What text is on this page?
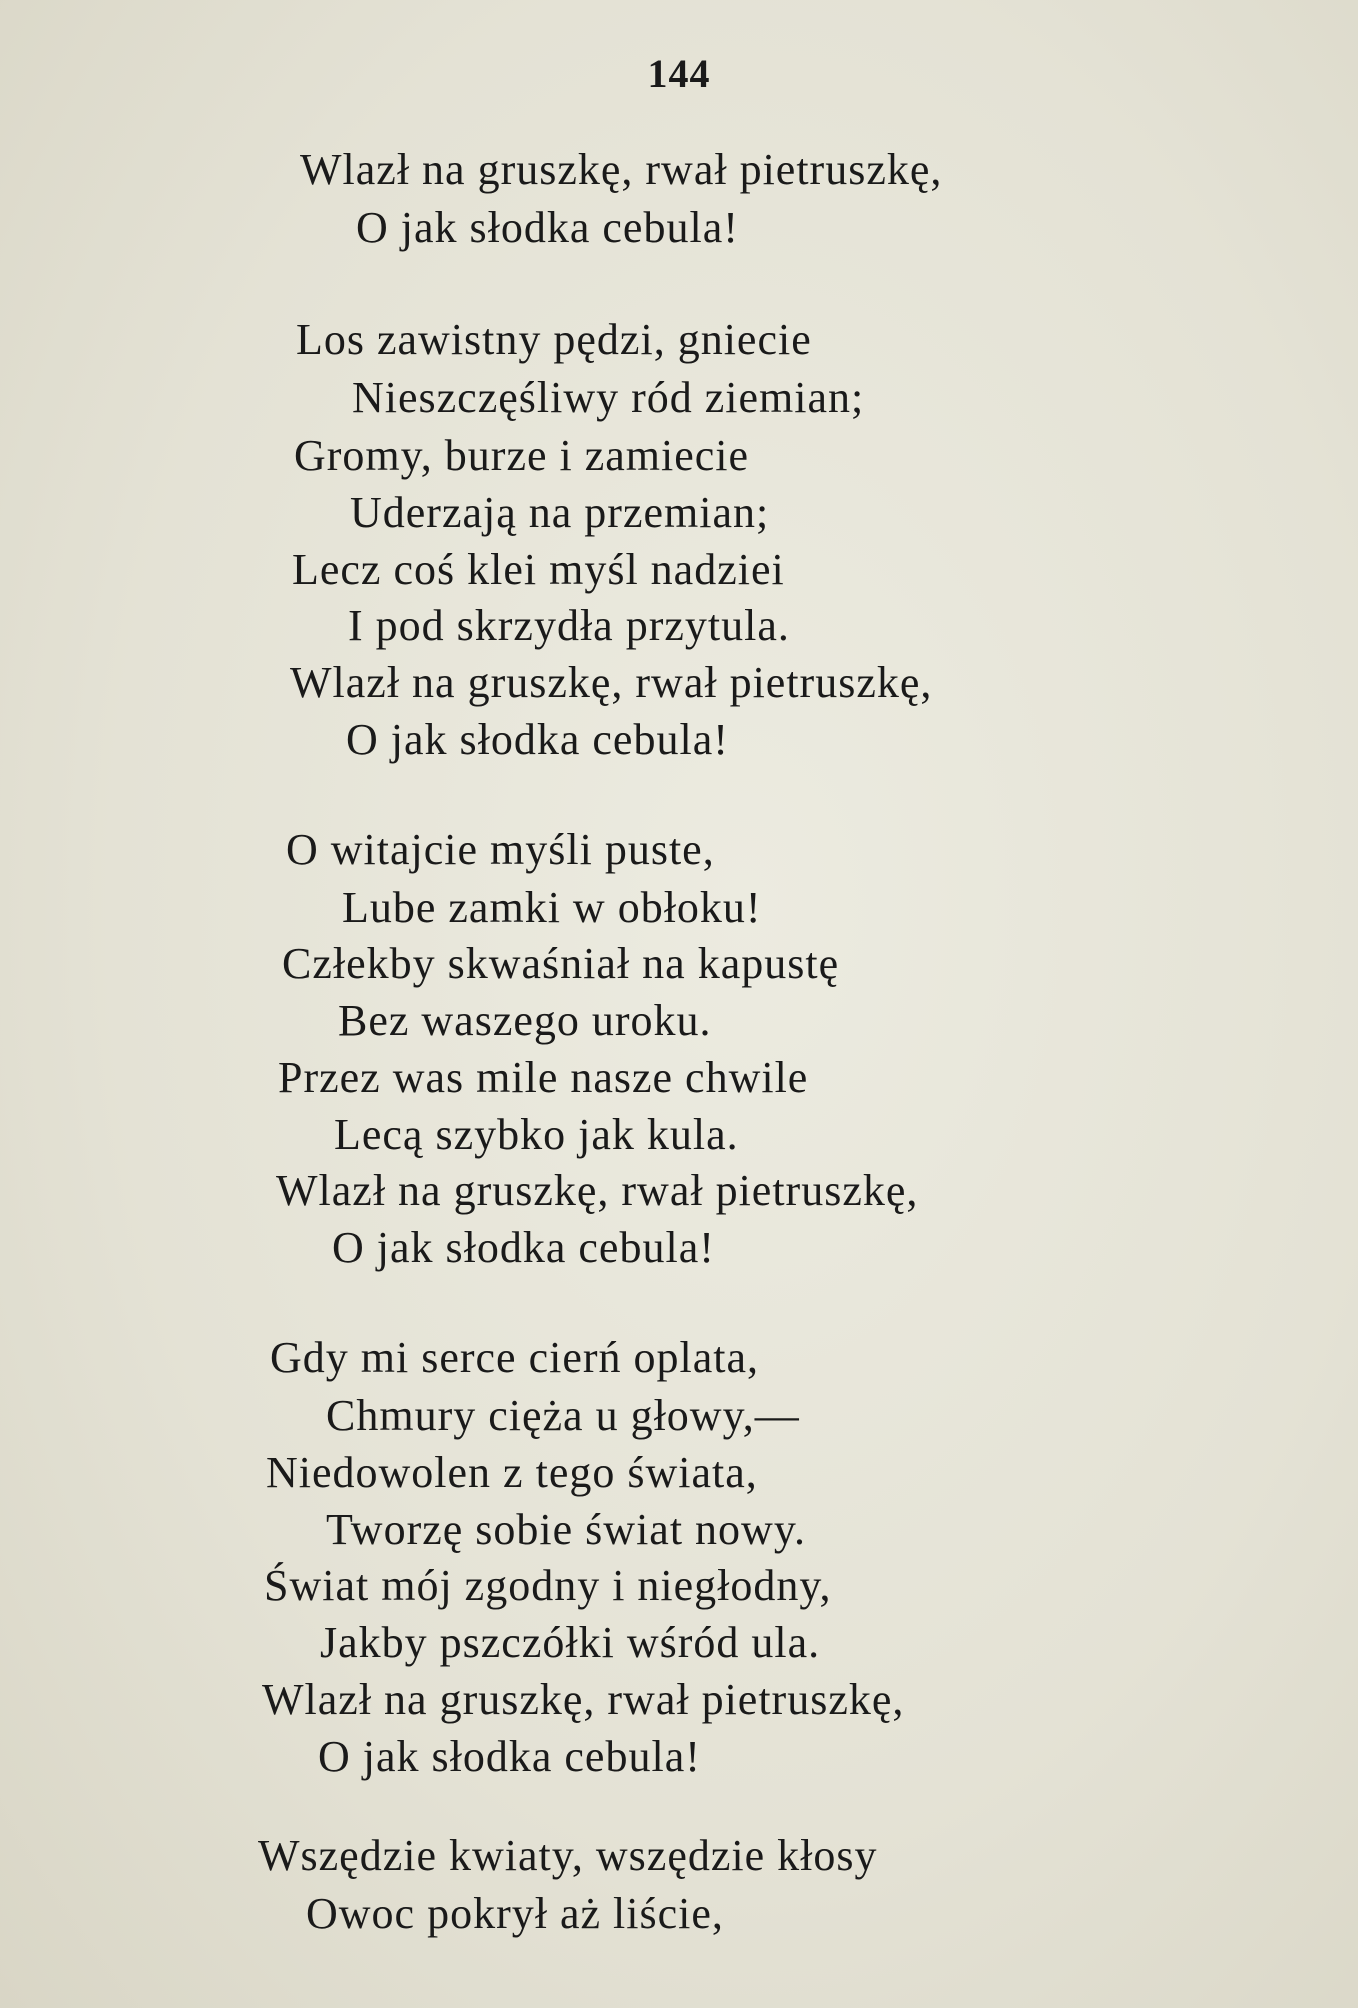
144
Wlazł na gruszkę, rwał pietruszkę,
O jak słodka cebula!
Los zawistny pędzi, gniecie
Nieszczęśliwy ród ziemian;
Gromy, burze i zamiecie
Uderzają na przemian;
Lecz coś klei myśl nadziei
I pod skrzydła przytula.
Wlazł na gruszkę, rwał pietruszkę,
O jak słodka cebula!
O witajcie myśli puste,
Lube zamki w obłoku!
Człekby skwaśniał na kapustę
Bez waszego uroku.
Przez was mile nasze chwile
Lecą szybko jak kula.
Wlazł na gruszkę, rwał pietruszkę,
O jak słodka cebula!
Gdy mi serce cierń oplata,
Chmury cięża u głowy,—
Niedowolen z tego świata,
Tworzę sobie świat nowy.
Świat mój zgodny i niegłodny,
Jakby pszczółki wśród ula.
Wlazł na gruszkę, rwał pietruszkę,
O jak słodka cebula!
Wszędzie kwiaty, wszędzie kłosy
Owoc pokrył aż liście,
